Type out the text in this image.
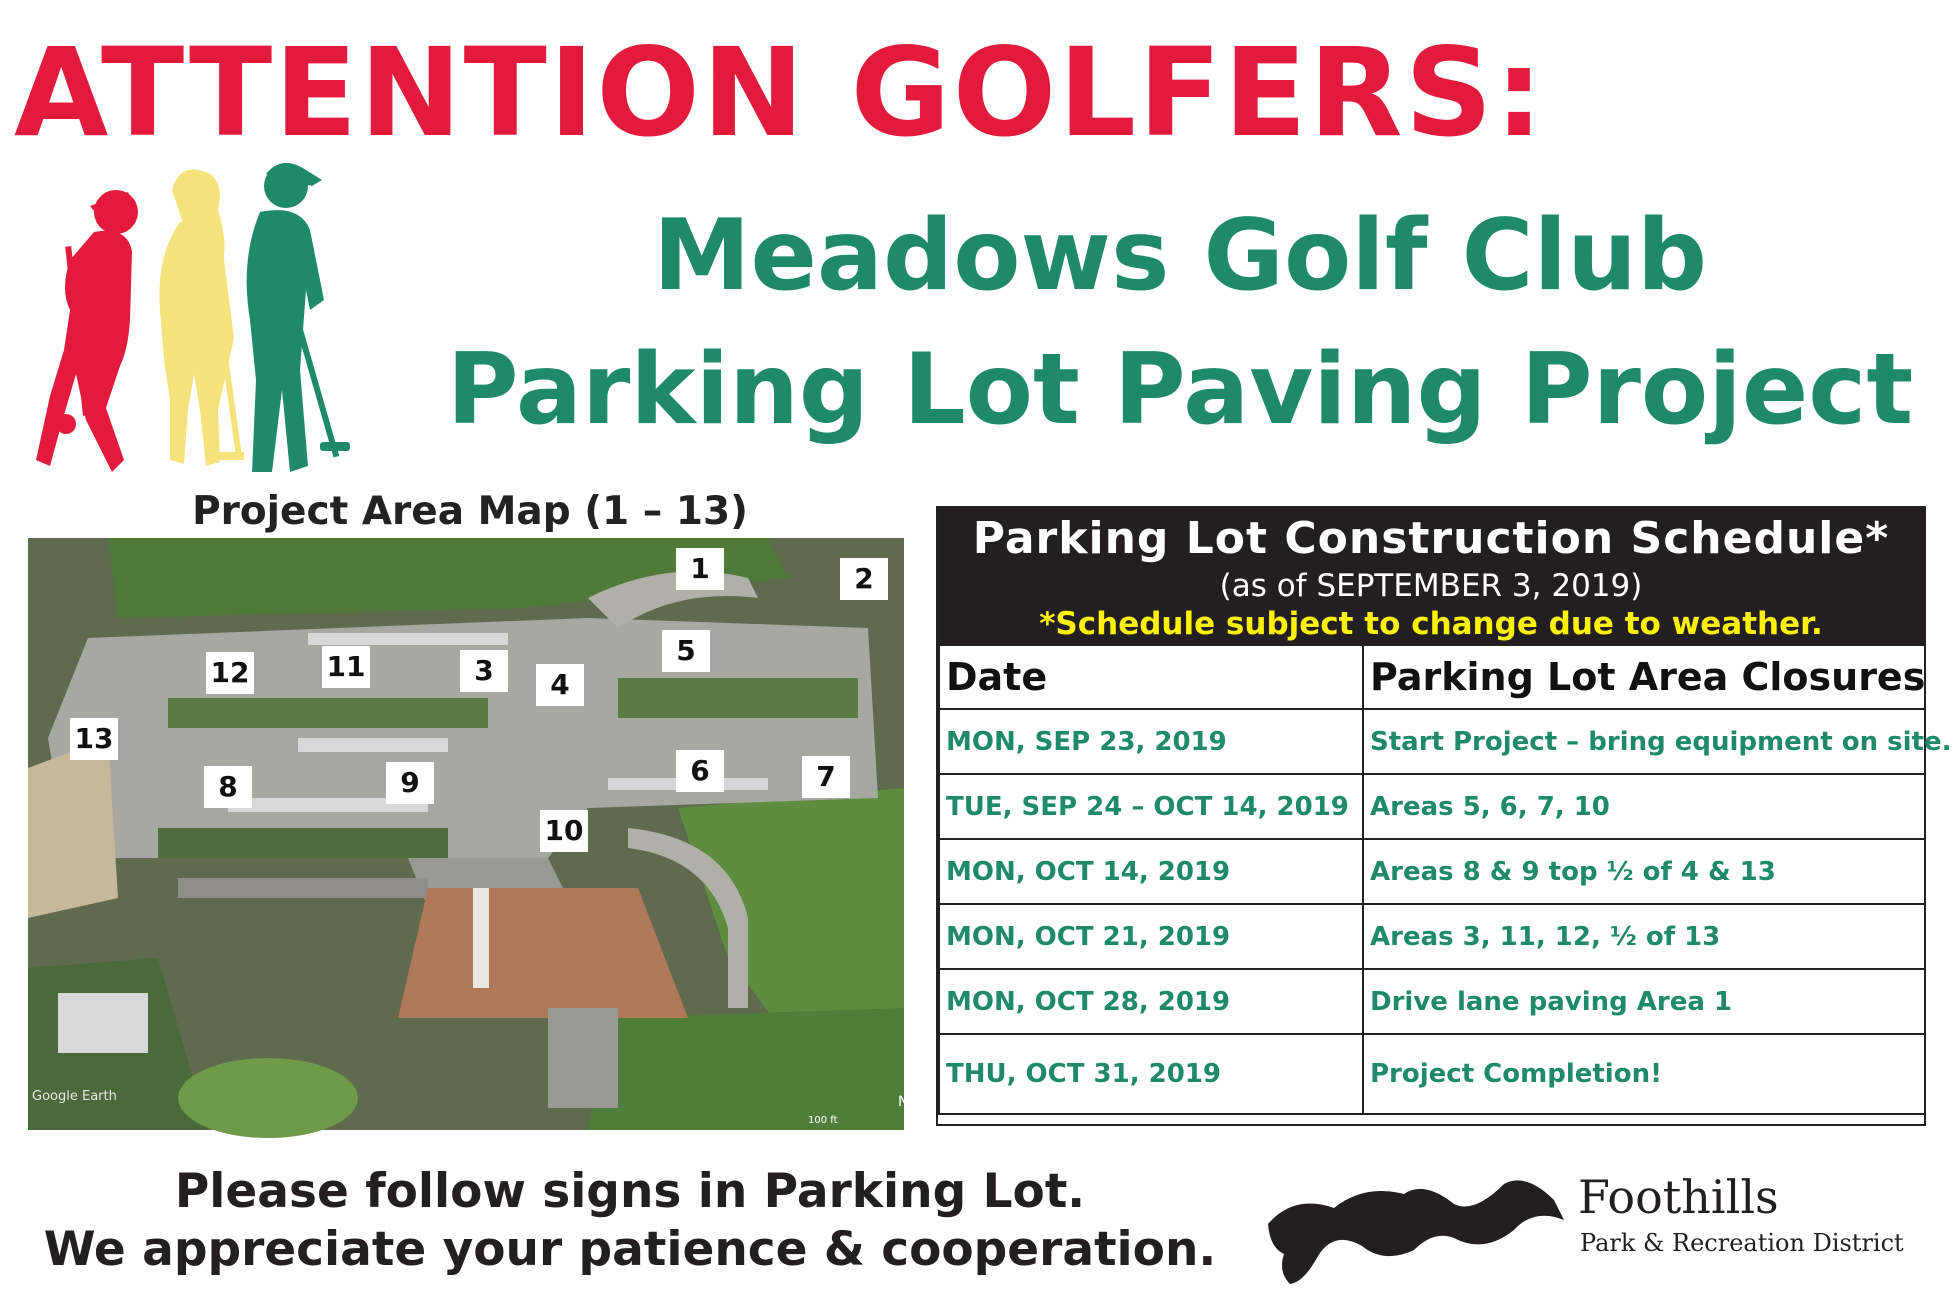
ATTENTION GOLFERS:
Meadows Golf Club
Parking Lot Paving Project
Project Area Map (1 – 13)
1	2
3	4
5
6	7
8	9
10
11
12
13
Google Earth
100 ft
N
Parking Lot Construction Schedule*
(as of SEPTEMBER 3, 2019)
*Schedule subject to change due to weather.
Date	Parking Lot Area Closures
MON, SEP 23, 2019	Start Project – bring equipment on site.
TUE, SEP 24 – OCT 14, 2019	Areas 5, 6, 7, 10
MON, OCT 14, 2019	Areas 8 & 9 top ½ of 4 & 13
MON, OCT 21, 2019	Areas 3, 11, 12, ½ of 13
MON, OCT 28, 2019	Drive lane paving Area 1
THU, OCT 31, 2019	Project Completion!
Please follow signs in Parking Lot.
We appreciate your patience & cooperation.
Foothills
Park & Recreation District
